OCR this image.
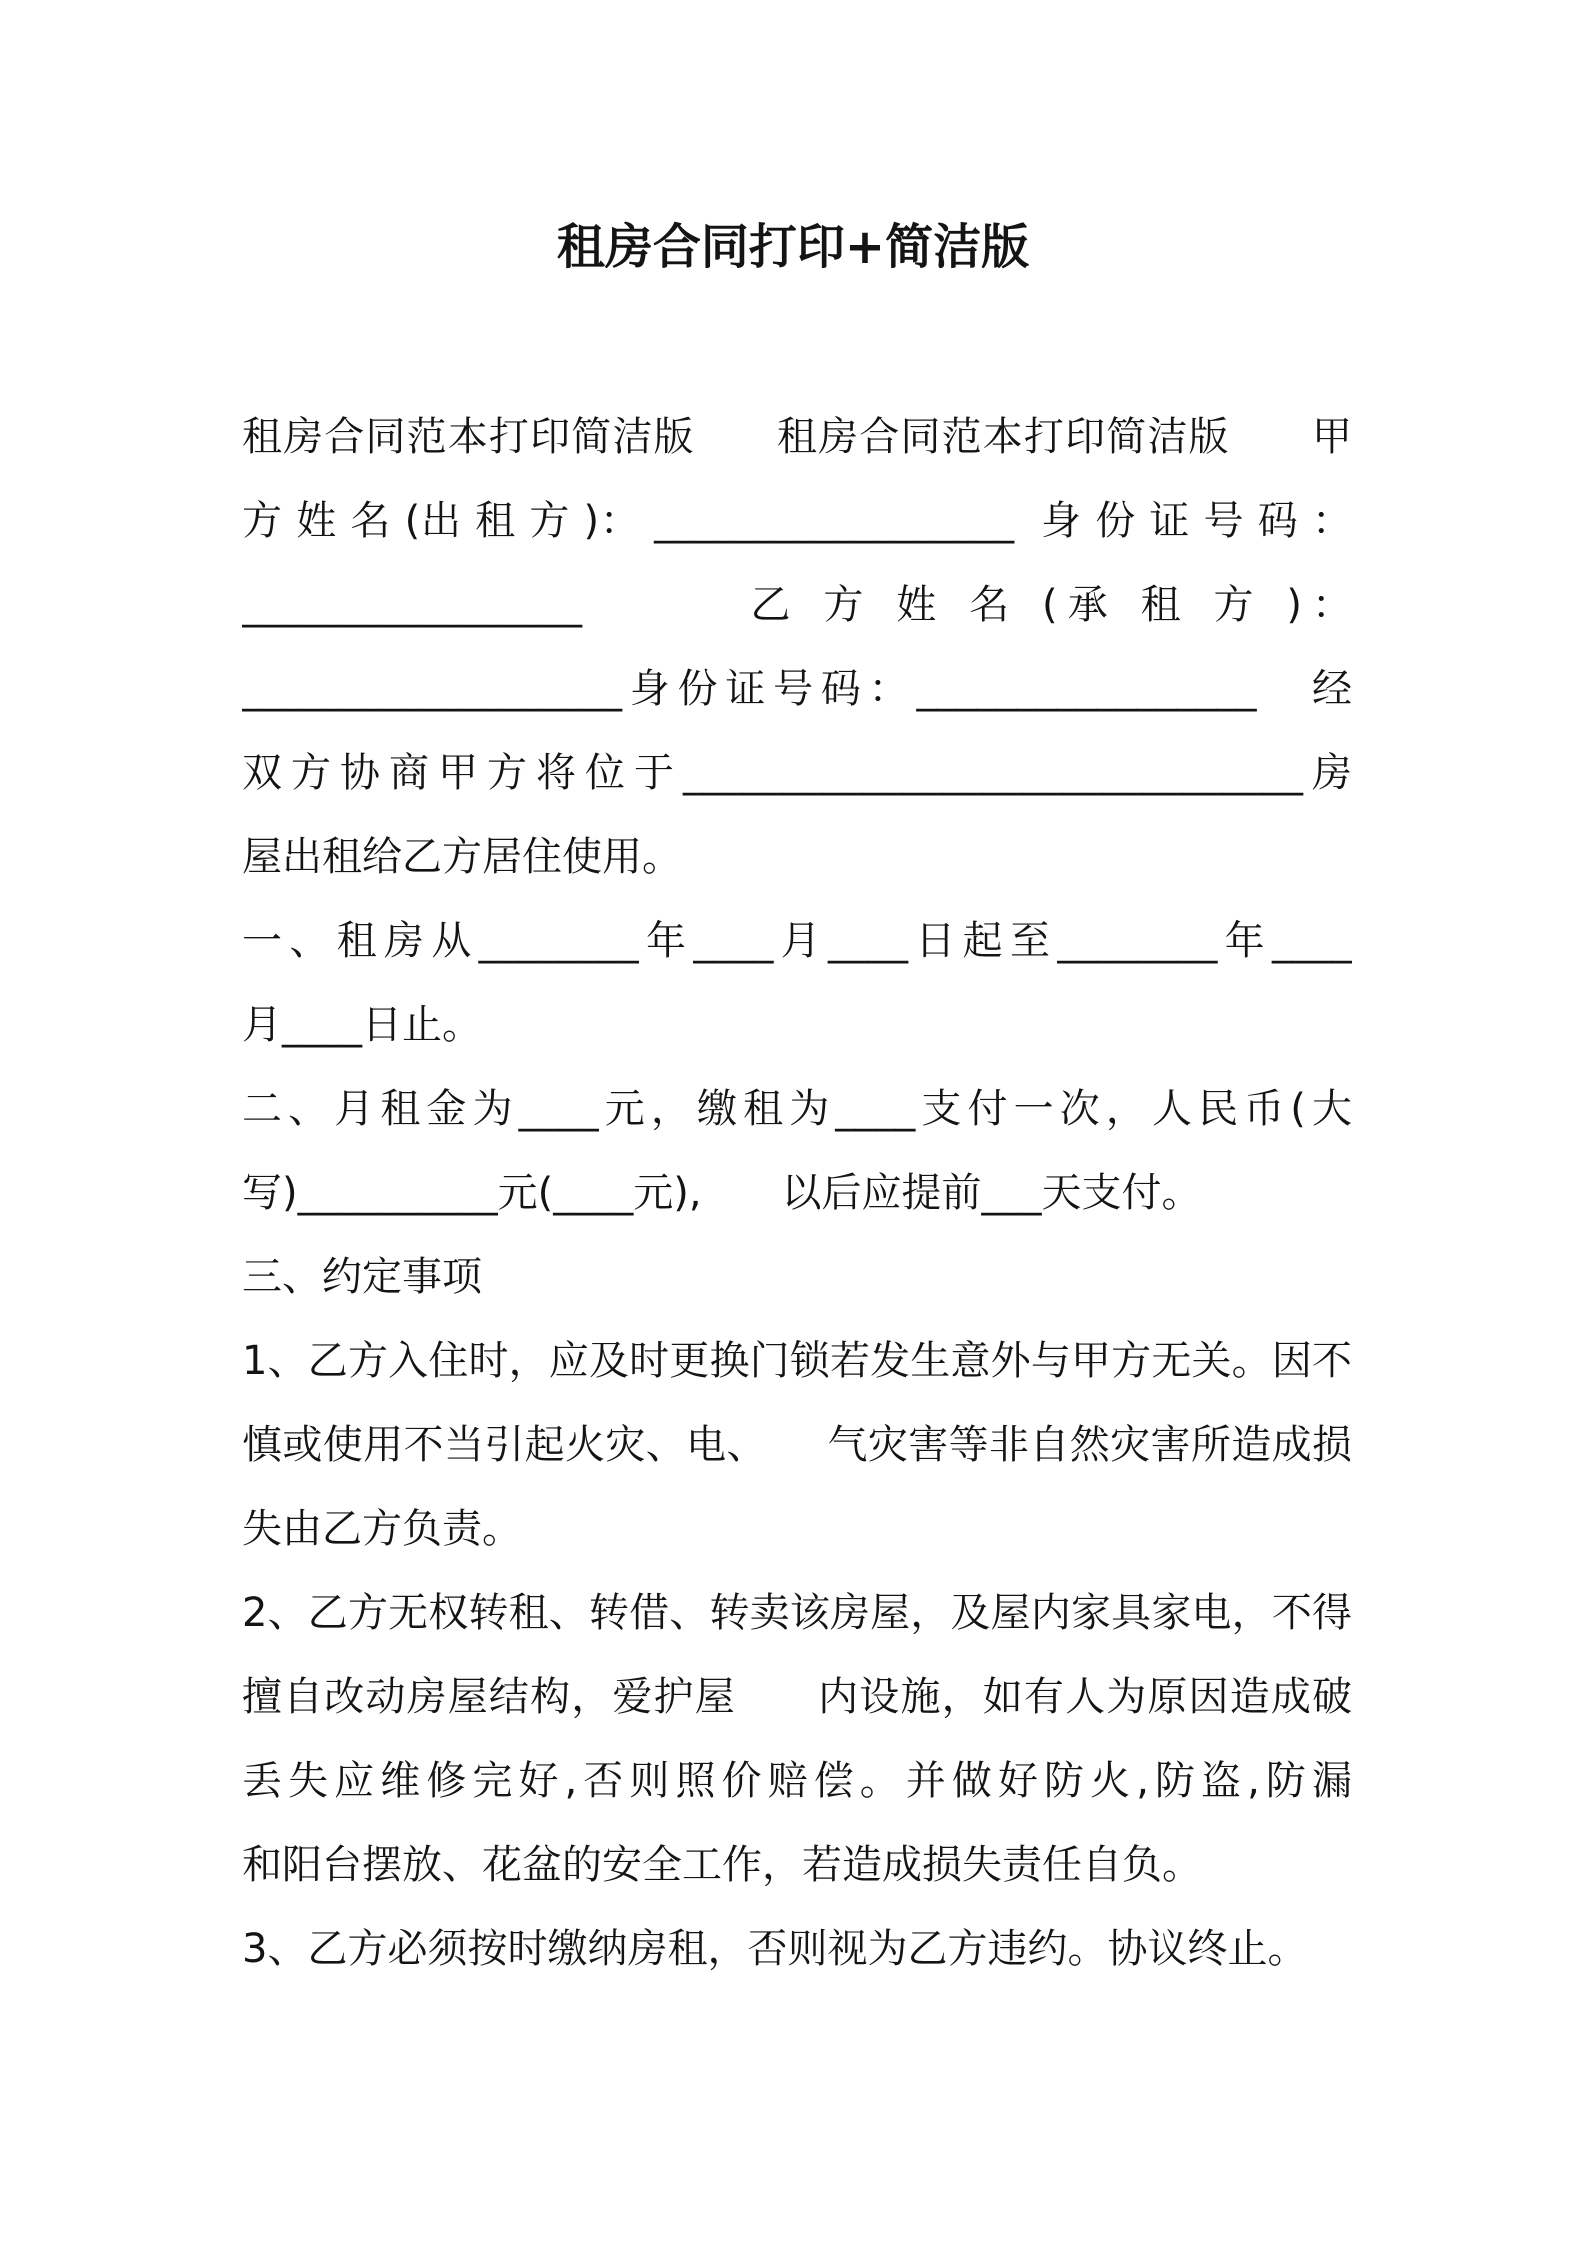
租房合同打印+简洁版
租房合同范本打印简洁版　　租房合同范本打印简洁版　　甲
方 姓 名 (出 租 方 )： __________________  身 份 证 号 码 ：
_________________ 　 　 乙 方 姓 名 (承 租 方 )：
___________________身份证号码：_________________　经
双方协商甲方将位于_______________________________房
屋出租给乙方居住使用。
一、租房从________年____月____日起至________年____
月____日止。
二、月租金为____元，缴租为____支付一次，人民币(大
写)__________元(____元),　　以后应提前___天支付。
三、约定事项
1、乙方入住时，应及时更换门锁若发生意外与甲方无关。因不
慎或使用不当引起火灾、电、　　气灾害等非自然灾害所造成损
失由乙方负责。
2、乙方无权转租、转借、转卖该房屋，及屋内家具家电，不得
擅自改动房屋结构，爱护屋　　内设施，如有人为原因造成破
丢失应维修完好,否则照价赔偿。并做好防火,防盗,防漏　　
和阳台摆放、花盆的安全工作，若造成损失责任自负。
3、乙方必须按时缴纳房租，否则视为乙方违约。协议终止。
